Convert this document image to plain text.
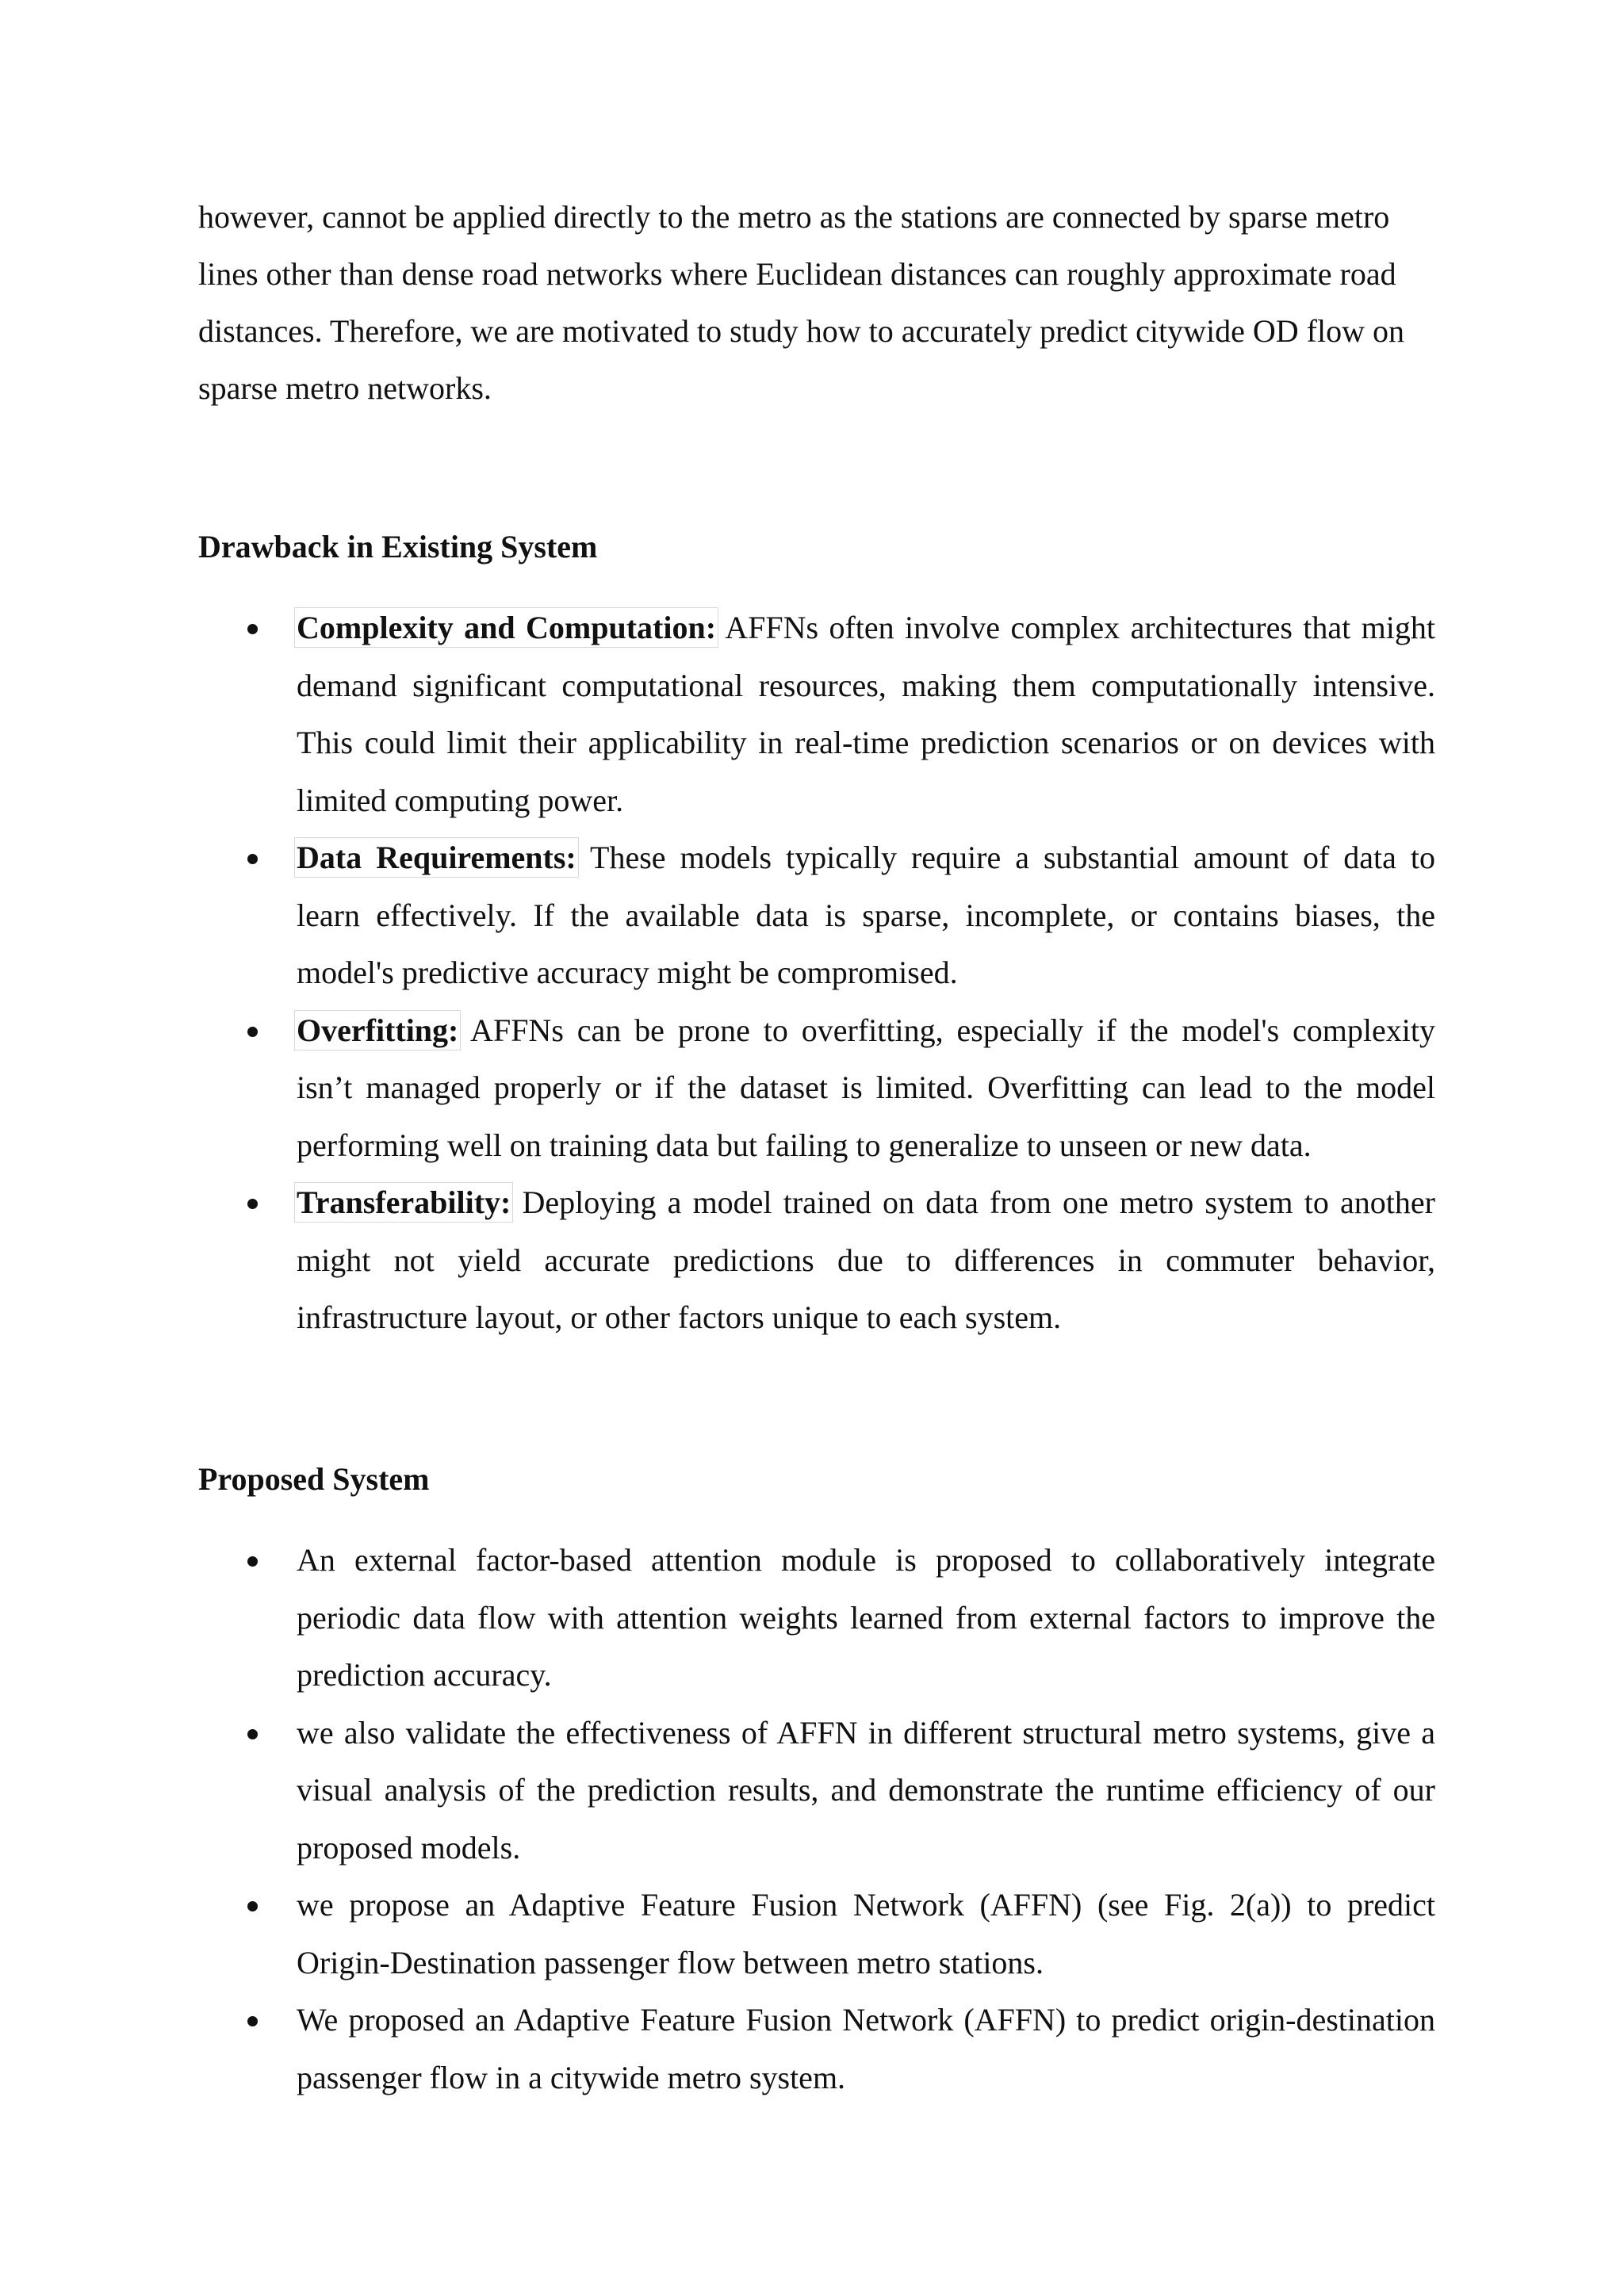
however, cannot be applied directly to the metro as the stations are connected by sparse metro lines other than dense road networks where Euclidean distances can roughly approximate road distances. Therefore, we are motivated to study how to accurately predict citywide OD flow on sparse metro networks.

Drawback in Existing System
Complexity and Computation: AFFNs often involve complex architectures that might demand significant computational resources, making them computationally intensive. This could limit their applicability in real-time prediction scenarios or on devices with limited computing power.
Data Requirements: These models typically require a substantial amount of data to learn effectively. If the available data is sparse, incomplete, or contains biases, the model's predictive accuracy might be compromised.
Overfitting: AFFNs can be prone to overfitting, especially if the model's complexity isn’t managed properly or if the dataset is limited. Overfitting can lead to the model performing well on training data but failing to generalize to unseen or new data.
Transferability: Deploying a model trained on data from one metro system to another might not yield accurate predictions due to differences in commuter behavior, infrastructure layout, or other factors unique to each system.
Proposed System
An external factor-based attention module is proposed to collaboratively integrate periodic data flow with attention weights learned from external factors to improve the prediction accuracy.
we also validate the effectiveness of AFFN in different structural metro systems, give a visual analysis of the prediction results, and demonstrate the runtime efficiency of our proposed models.
we propose an Adaptive Feature Fusion Network (AFFN) (see Fig. 2(a)) to predict Origin-Destination passenger flow between metro stations.
We proposed an Adaptive Feature Fusion Network (AFFN) to predict origin-destination passenger flow in a citywide metro system.
